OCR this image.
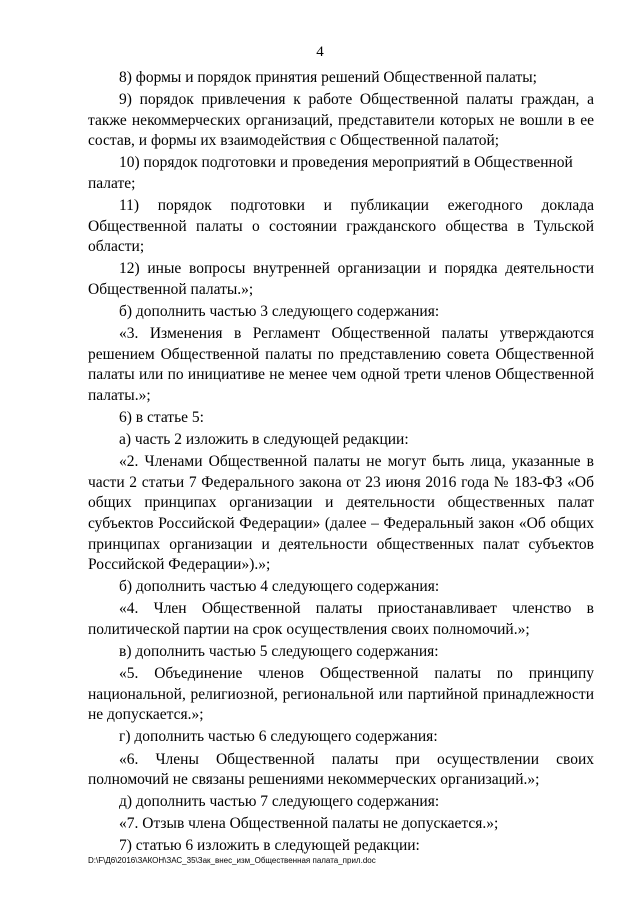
4

8) формы и порядок принятия решений Общественной палаты;

9) порядок привлечения к работе Общественной палаты граждан, а также некоммерческих организаций, представители которых не вошли в ее состав, и формы их взаимодействия с Общественной палатой;

10) порядок подготовки и проведения мероприятий в Общественной палате;

11) порядок подготовки и публикации ежегодного доклада Общественной палаты о состоянии гражданского общества в Тульской области;

12) иные вопросы внутренней организации и порядка деятельности Общественной палаты.»;

б) дополнить частью 3 следующего содержания:

«3. Изменения в Регламент Общественной палаты утверждаются решением Общественной палаты по представлению совета Общественной палаты или по инициативе не менее чем одной трети членов Общественной палаты.»;

6) в статье 5:

а) часть 2 изложить в следующей редакции:

«2. Членами Общественной палаты не могут быть лица, указанные в части 2 статьи 7 Федерального закона от 23 июня 2016 года № 183-ФЗ «Об общих принципах организации и деятельности общественных палат субъектов Российской Федерации» (далее – Федеральный закон «Об общих принципах организации и деятельности общественных палат субъектов Российской Федерации»).»;

б) дополнить частью 4 следующего содержания:

«4. Член Общественной палаты приостанавливает членство в политической партии на срок осуществления своих полномочий.»;

в) дополнить частью 5 следующего содержания:

«5. Объединение членов Общественной палаты по принципу национальной, религиозной, региональной или партийной принадлежности не допускается.»;

г) дополнить частью 6 следующего содержания:

«6. Члены Общественной палаты при осуществлении своих полномочий не связаны решениями некоммерческих организаций.»;

д) дополнить частью 7 следующего содержания:

«7. Отзыв члена Общественной палаты не допускается.»;

7) статью 6 изложить в следующей редакции:

D:\F\Д6\2016\ЗАКОН\ЗАС_35\Зак_внес_изм_Общественная палата_прил.doc
